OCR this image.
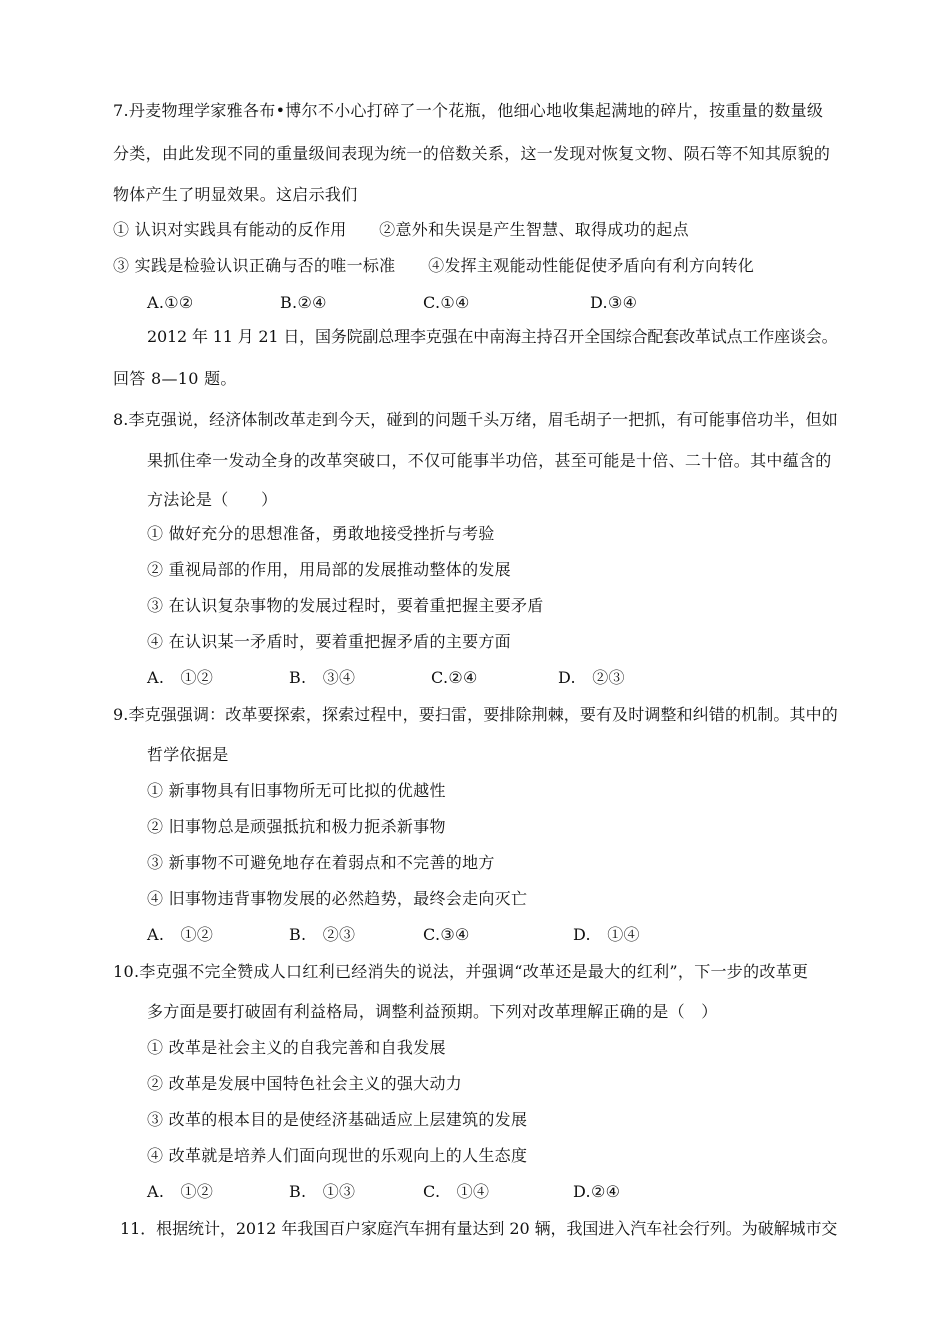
7.丹麦物理学家雅各布•博尔不小心打碎了一个花瓶，他细心地收集起满地的碎片，按重量的数量级
分类，由此发现不同的重量级间表现为统一的倍数关系，这一发现对恢复文物、陨石等不知其原貌的
物体产生了明显效果。这启示我们
① 认识对实践具有能动的反作用　　②意外和失误是产生智慧、取得成功的起点
③ 实践是检验认识正确与否的唯一标准　　④发挥主观能动性能促使矛盾向有利方向转化
A.①②	B.②④	C.①④	D.③④
2012 年 11 月 21 日，国务院副总理李克强在中南海主持召开全国综合配套改革试点工作座谈会。
回答 8—10 题。
8.李克强说，经济体制改革走到今天，碰到的问题千头万绪，眉毛胡子一把抓，有可能事倍功半，但如
果抓住牵一发动全身的改革突破口，不仅可能事半功倍，甚至可能是十倍、二十倍。其中蕴含的
方法论是（　　）
① 做好充分的思想准备，勇敢地接受挫折与考验
② 重视局部的作用，用局部的发展推动整体的发展
③ 在认识复杂事物的发展过程时，要着重把握主要矛盾
④ 在认识某一矛盾时，要着重把握矛盾的主要方面
A.　①②	B.　③④	C.②④	D.　②③
9.李克强强调：改革要探索，探索过程中，要扫雷，要排除荆棘，要有及时调整和纠错的机制。其中的
哲学依据是
① 新事物具有旧事物所无可比拟的优越性
② 旧事物总是顽强抵抗和极力扼杀新事物
③ 新事物不可避免地存在着弱点和不完善的地方
④ 旧事物违背事物发展的必然趋势，最终会走向灭亡
A.　①②	B.　②③	C.③④	D.　①④
10.李克强不完全赞成人口红利已经消失的说法，并强调“改革还是最大的红利”，下一步的改革更
多方面是要打破固有利益格局，调整利益预期。下列对改革理解正确的是（　）
① 改革是社会主义的自我完善和自我发展
② 改革是发展中国特色社会主义的强大动力
③ 改革的根本目的是使经济基础适应上层建筑的发展
④ 改革就是培养人们面向现世的乐观向上的人生态度
A.　①②	B.　①③	C.　①④	D.②④
11．根据统计，2012 年我国百户家庭汽车拥有量达到 20 辆，我国进入汽车社会行列。为破解城市交
